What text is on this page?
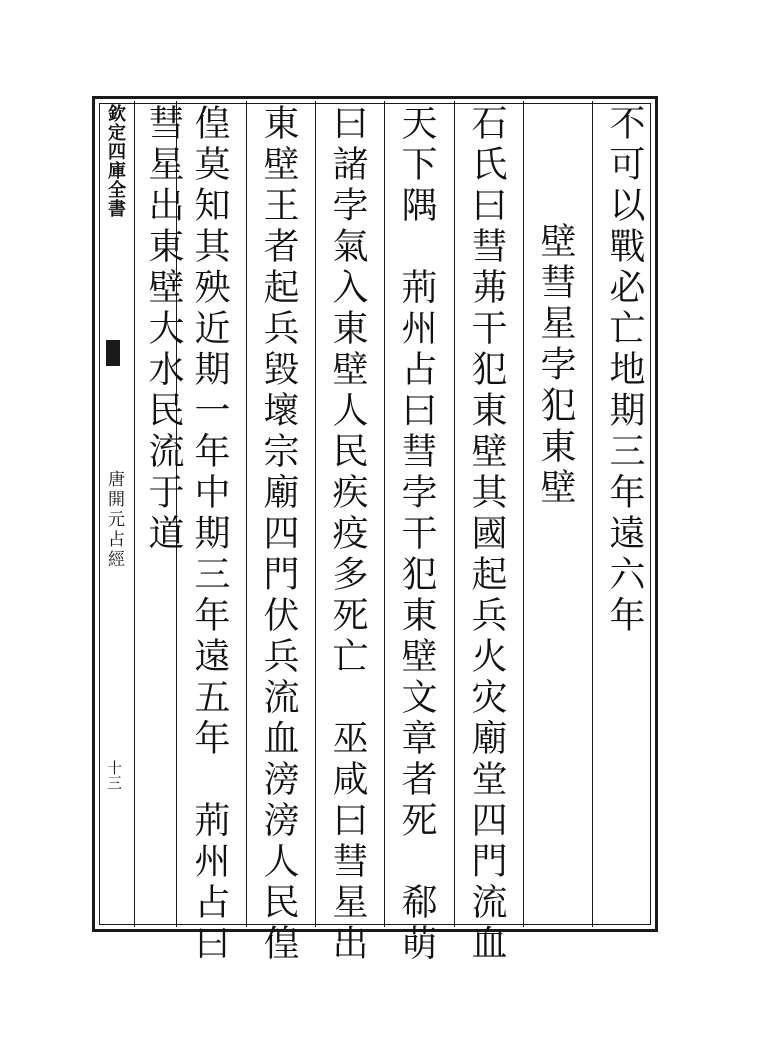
不可以戰必亡地期三年遠六年
壁彗星孛犯東壁
石氏曰彗茀干犯東壁其國起兵火灾廟堂四門流血
天下隅　荊州占曰彗孛干犯東壁文章者死　郗萌
曰諸孛氣入東壁人民疾疫多死亡　巫咸曰彗星出
東壁王者起兵毀壞宗廟四門伏兵流血滂滂人民偟
偟莫知其殃近期一年中期三年遠五年　荊州占曰
彗星出東壁大水民流于道
欽定四庫全書
唐開元占經
十三
